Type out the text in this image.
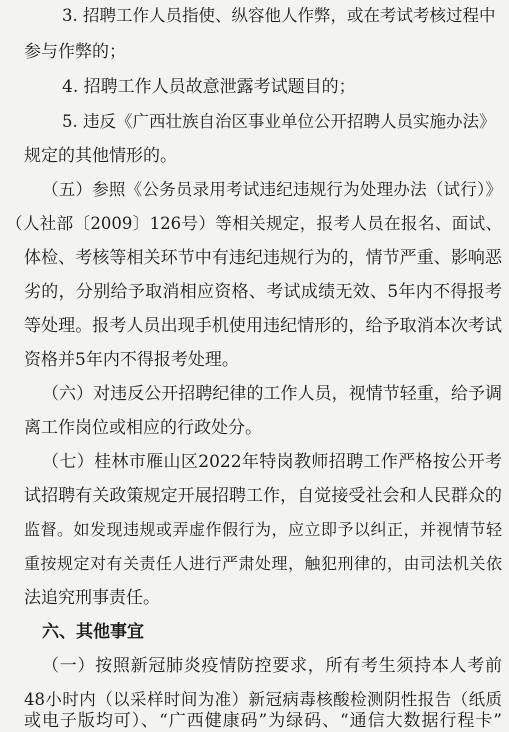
3. 招聘工作人员指使、纵容他人作弊，或在考试考核过程中
参与作弊的；
4. 招聘工作人员故意泄露考试题目的；
5. 违反《广西壮族自治区事业单位公开招聘人员实施办法》
规定的其他情形的。
（五）参照《公务员录用考试违纪违规行为处理办法（试行）》
（人社部〔2009〕126号）等相关规定，报考人员在报名、面试、
体检、考核等相关环节中有违纪违规行为的，情节严重、影响恶
劣的，分别给予取消相应资格、考试成绩无效、5年内不得报考
等处理。报考人员出现手机使用违纪情形的，给予取消本次考试
资格并5年内不得报考处理。
（六）对违反公开招聘纪律的工作人员，视情节轻重，给予调
离工作岗位或相应的行政处分。
（七）桂林市雁山区2022年特岗教师招聘工作严格按公开考
试招聘有关政策规定开展招聘工作，自觉接受社会和人民群众的
监督。如发现违规或弄虚作假行为，应立即予以纠正，并视情节轻
重按规定对有关责任人进行严肃处理，触犯刑律的，由司法机关依
法追究刑事责任。
六、其他事宜
（一）按照新冠肺炎疫情防控要求，所有考生须持本人考前
48小时内（以采样时间为准）新冠病毒核酸检测阴性报告（纸质
或电子版均可）、“广西健康码”为绿码、“通信大数据行程卡”
